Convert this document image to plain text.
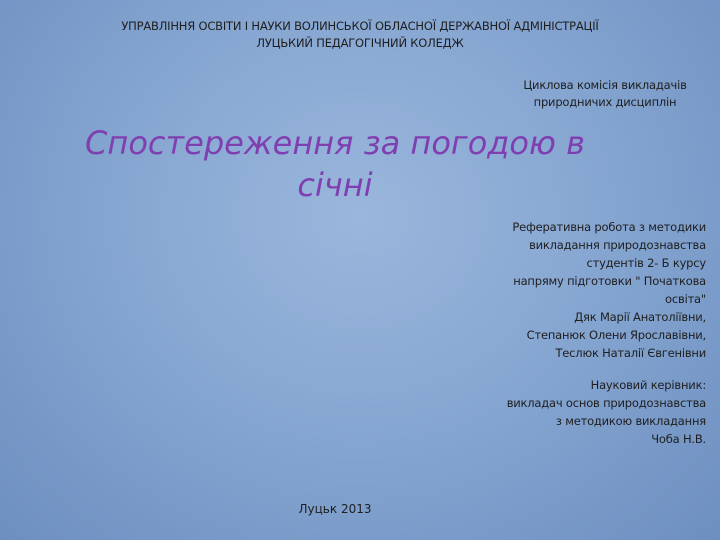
УПРАВЛІННЯ ОСВІТИ І НАУКИ ВОЛИНСЬКОЇ ОБЛАСНОЇ ДЕРЖАВНОЇ АДМІНІСТРАЦІЇ
ЛУЦЬКИЙ ПЕДАГОГІЧНИЙ КОЛЕДЖ
Циклова комісія викладачів
природничих дисциплін
Спостереження за погодою в
січні
Реферативна робота з методики
викладання природознавства
студентів 2- Б курсу
напряму підготовки " Початкова
освіта"
Дяк Марії Анатоліївни,
Степанюк Олени Ярославівни,
Теслюк Наталії Євгенівни
Науковий керівник:
викладач основ природознавства
з методикою викладання
Чоба Н.В.
Луцьк 2013
